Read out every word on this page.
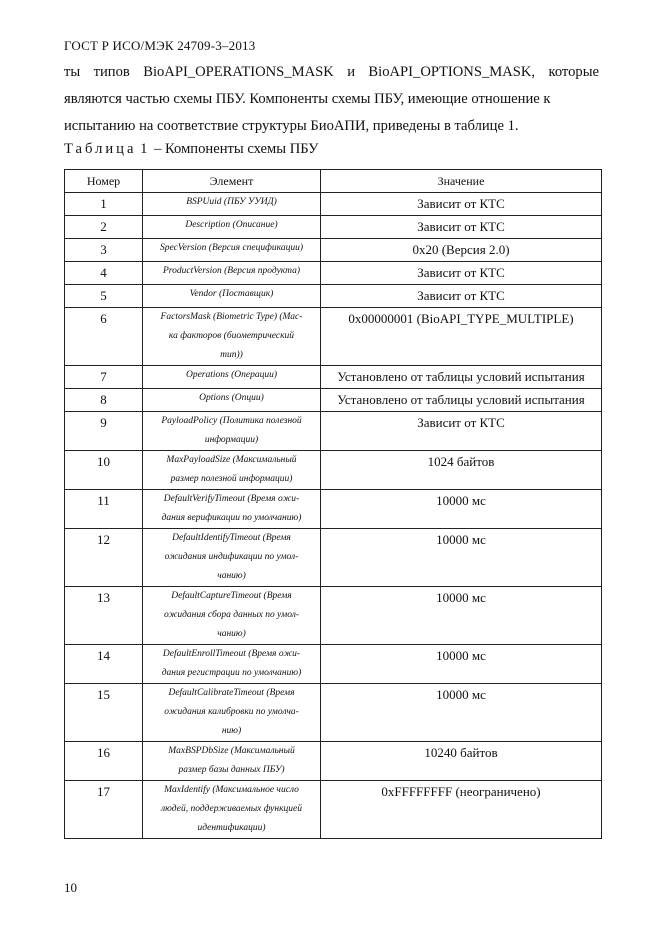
ГОСТ Р ИСО/МЭК 24709-3–2013
ты типов BioAPI_OPERATIONS_MASK и BioAPI_OPTIONS_MASK, которые
являются частью схемы ПБУ. Компоненты схемы ПБУ, имеющие отношение к
испытанию на соответствие структуры БиоАПИ, приведены в таблице 1.
Таблица 1 – Компоненты схемы ПБУ
Номер	Элемент	Значение
1	BSPUuid (ПБУ УУИД)	Зависит от КТС
2	Description (Описание)	Зависит от КТС
3	SpecVersion (Версия спецификации)	0x20 (Версия 2.0)
4	ProductVersion (Версия продукта)	Зависит от КТС
5	Vendor (Поставщик)	Зависит от КТС
6	FactorsMask (Biometric Type) (Мас-
ка факторов (биометрический
тип))	0x00000001 (BioAPI_TYPE_MULTIPLE)
7	Operations (Операции)	Установлено от таблицы условий испытания
8	Options (Опции)	Установлено от таблицы условий испытания
9	PayloadPolicy (Политика полезной
информации)	Зависит от КТС
10	MaxPayloadSize (Максимальный
размер полезной информации)	1024 байтов
11	DefaultVerifyTimeout (Время ожи-
дания верификации по умолчанию)	10000 мс
12	DefaultIdentifyTimeout (Время
ожидания индификации по умол-
чанию)	10000 мс
13	DefaultCaptureTimeout (Время
ожидания сбора данных по умол-
чанию)	10000 мс
14	DefaultEnrollTimeout (Время ожи-
дания регистрации по умолчанию)	10000 мс
15	DefaultCalibrateTimeout (Время
ожидания калибровки по умолча-
нию)	10000 мс
16	MaxBSPDbSize (Максимальный
размер базы данных ПБУ)	10240 байтов
17	MaxIdentify (Максимальное число
людей, поддерживаемых функцией
идентификации)	0xFFFFFFFF (неограничено)
10
